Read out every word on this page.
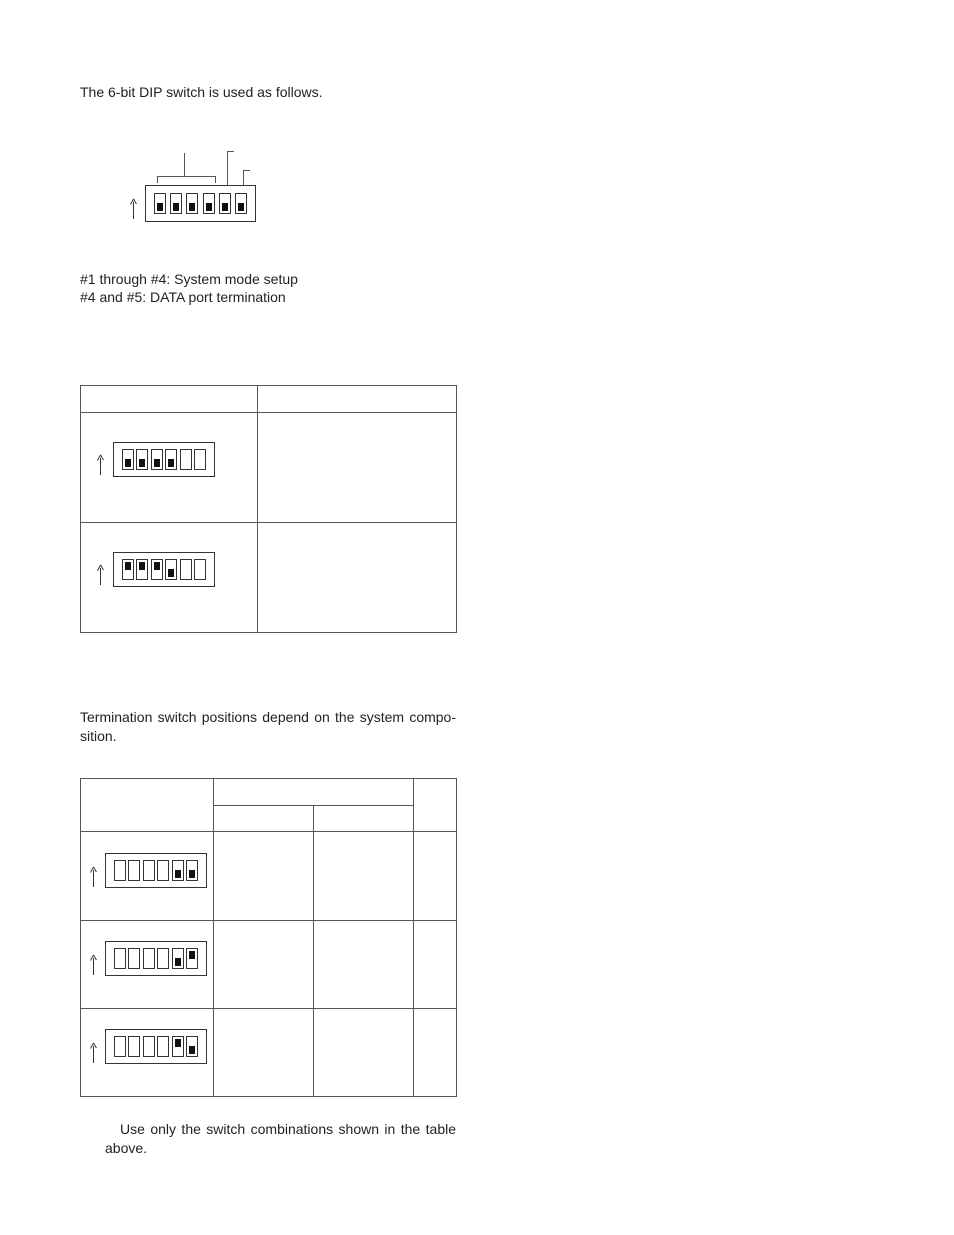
The 6-bit DIP switch is used as follows.
#1 through #4: System mode setup
#4 and #5: DATA port termination
Termination switch positions depend on the system compo- sition.
Use only the switch combinations shown in the table above.
